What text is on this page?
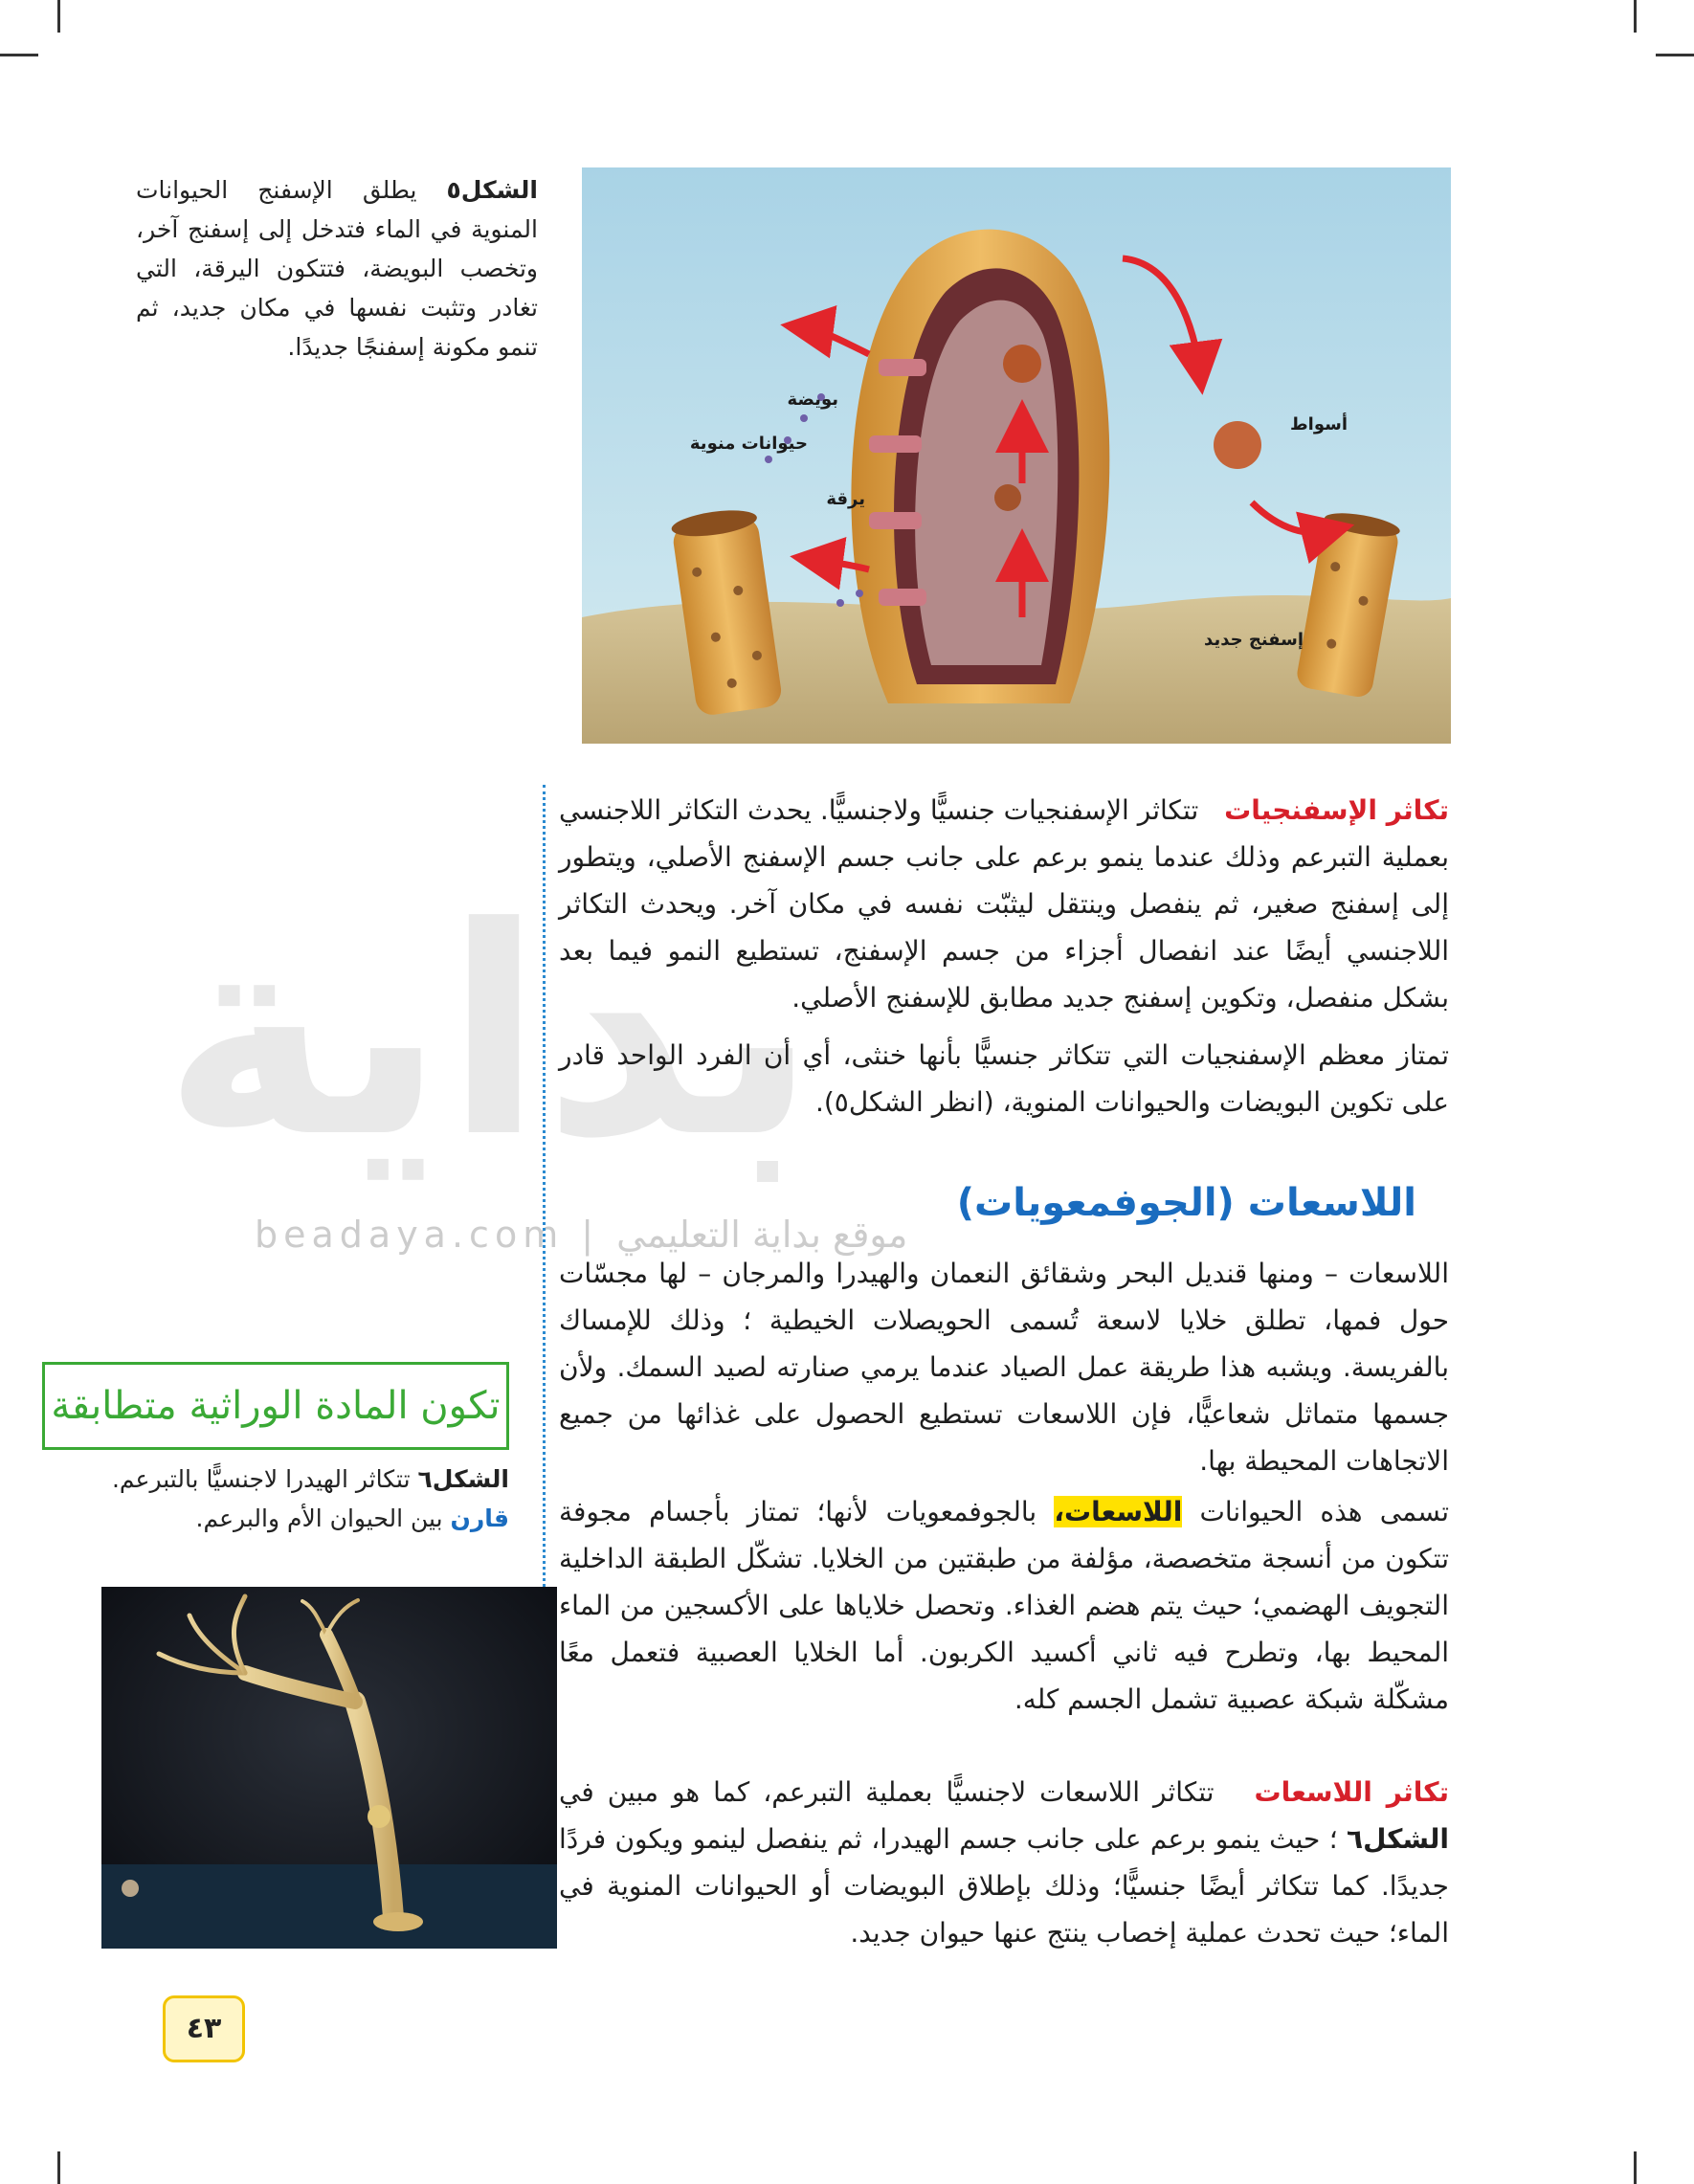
بداية
beadaya.com | موقع بداية التعليمي
الشكل٥ يطلق الإسفنج الحيوانات المنوية في الماء فتدخل إلى إسفنج آخر، وتخصب البويضة، فتتكون اليرقة، التي تغادر وتثبت نفسها في مكان جديد، ثم تنمو مكونة إسفنجًا جديدًا.
حيوانات منوية
بويضة
يرقة
أسواط
إسفنج جديد
تكاثر الإسفنجيات   تتكاثر الإسفنجيات جنسيًّا ولاجنسيًّا. يحدث التكاثر اللاجنسي بعملية التبرعم وذلك عندما ينمو برعم على جانب جسم الإسفنج الأصلي، ويتطور إلى إسفنج صغير، ثم ينفصل وينتقل ليثبّت نفسه في مكان آخر. ويحدث التكاثر اللاجنسي أيضًا عند انفصال أجزاء من جسم الإسفنج، تستطيع النمو فيما بعد بشكل منفصل، وتكوين إسفنج جديد مطابق للإسفنج الأصلي.
تمتاز معظم الإسفنجيات التي تتكاثر جنسيًّا بأنها خنثى، أي أن الفرد الواحد قادر على تكوين البويضات والحيوانات المنوية، (انظر الشكل٥).
اللاسعات (الجوفمعويات)
اللاسعات – ومنها قنديل البحر وشقائق النعمان والهيدرا والمرجان – لها مجسّات حول فمها، تطلق خلايا لاسعة تُسمى الحويصلات الخيطية ؛ وذلك للإمساك بالفريسة. ويشبه هذا طريقة عمل الصياد عندما يرمي صنارته لصيد السمك. ولأن جسمها متماثل شعاعيًّا، فإن اللاسعات تستطيع الحصول على غذائها من جميع الاتجاهات المحيطة بها.
تسمى هذه الحيوانات اللاسعات، بالجوفمعويات لأنها؛ تمتاز بأجسام مجوفة تتكون من أنسجة متخصصة، مؤلفة من طبقتين من الخلايا. تشكّل الطبقة الداخلية التجويف الهضمي؛ حيث يتم هضم الغذاء. وتحصل خلاياها على الأكسجين من الماء المحيط بها، وتطرح فيه ثاني أكسيد الكربون. أما الخلايا العصبية فتعمل معًا مشكّلة شبكة عصبية تشمل الجسم كله.
تكاثر اللاسعات   تتكاثر اللاسعات لاجنسيًّا بعملية التبرعم، كما هو مبين في الشكل٦ ؛ حيث ينمو برعم على جانب جسم الهيدرا، ثم ينفصل لينمو ويكون فردًا جديدًا. كما تتكاثر أيضًا جنسيًّا؛ وذلك بإطلاق البويضات أو الحيوانات المنوية في الماء؛ حيث تحدث عملية إخصاب ينتج عنها حيوان جديد.
تكون المادة الوراثية متطابقة
الشكل٦ تتكاثر الهيدرا لاجنسيًّا بالتبرعم.
قارن بين الحيوان الأم والبرعم.
٤٣
